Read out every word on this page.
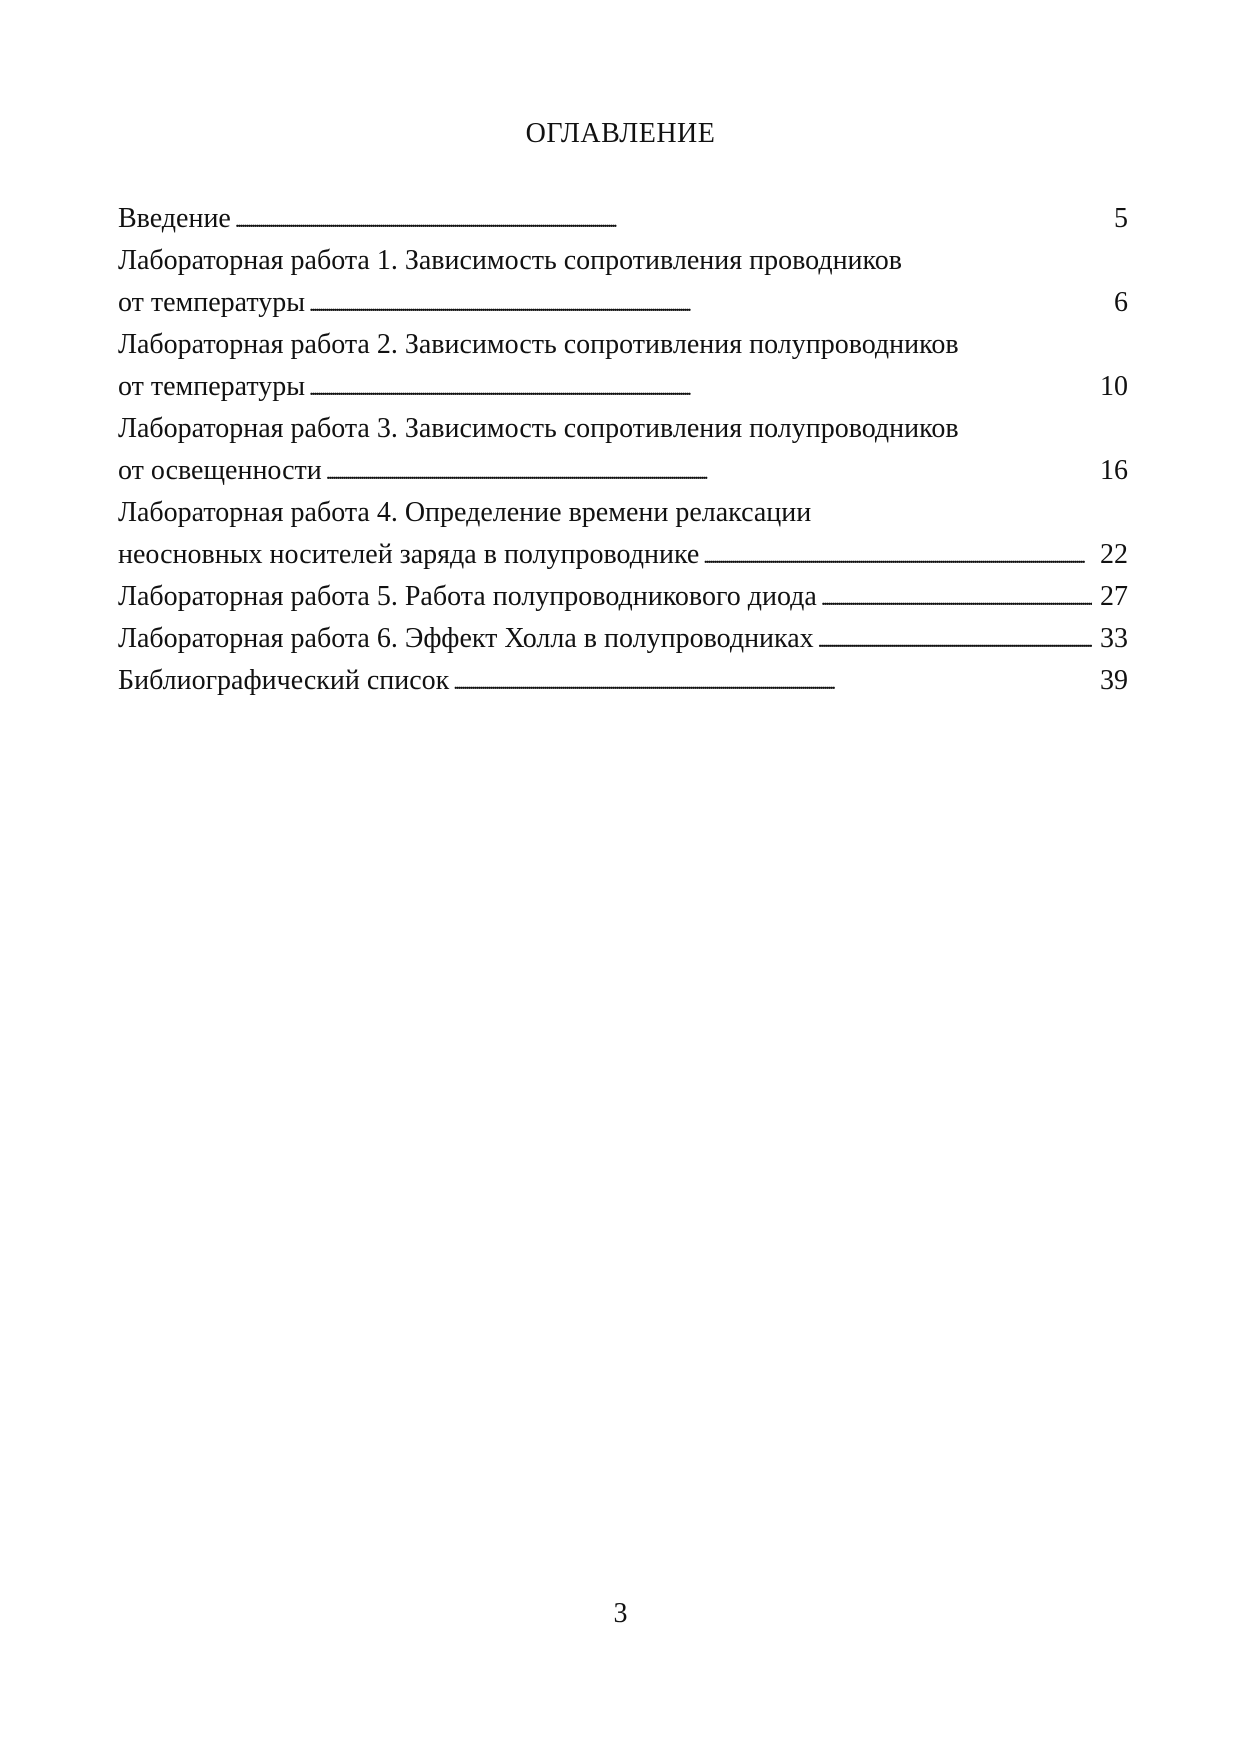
ОГЛАВЛЕНИЕ
Введение . . .	5
Лабораторная работа 1. Зависимость сопротивления проводников
от температуры . . .	6
Лабораторная работа 2. Зависимость сопротивления полупроводников
от температуры . . .	10
Лабораторная работа 3. Зависимость сопротивления полупроводников
от освещенности . . .	16
Лабораторная работа 4. Определение времени релаксации
неосновных носителей заряда в полупроводнике . . .	22
Лабораторная работа 5. Работа полупроводникового диода . . .	27
Лабораторная работа 6. Эффект Холла в полупроводниках . . .	33
Библиографический список . . .	39
3
